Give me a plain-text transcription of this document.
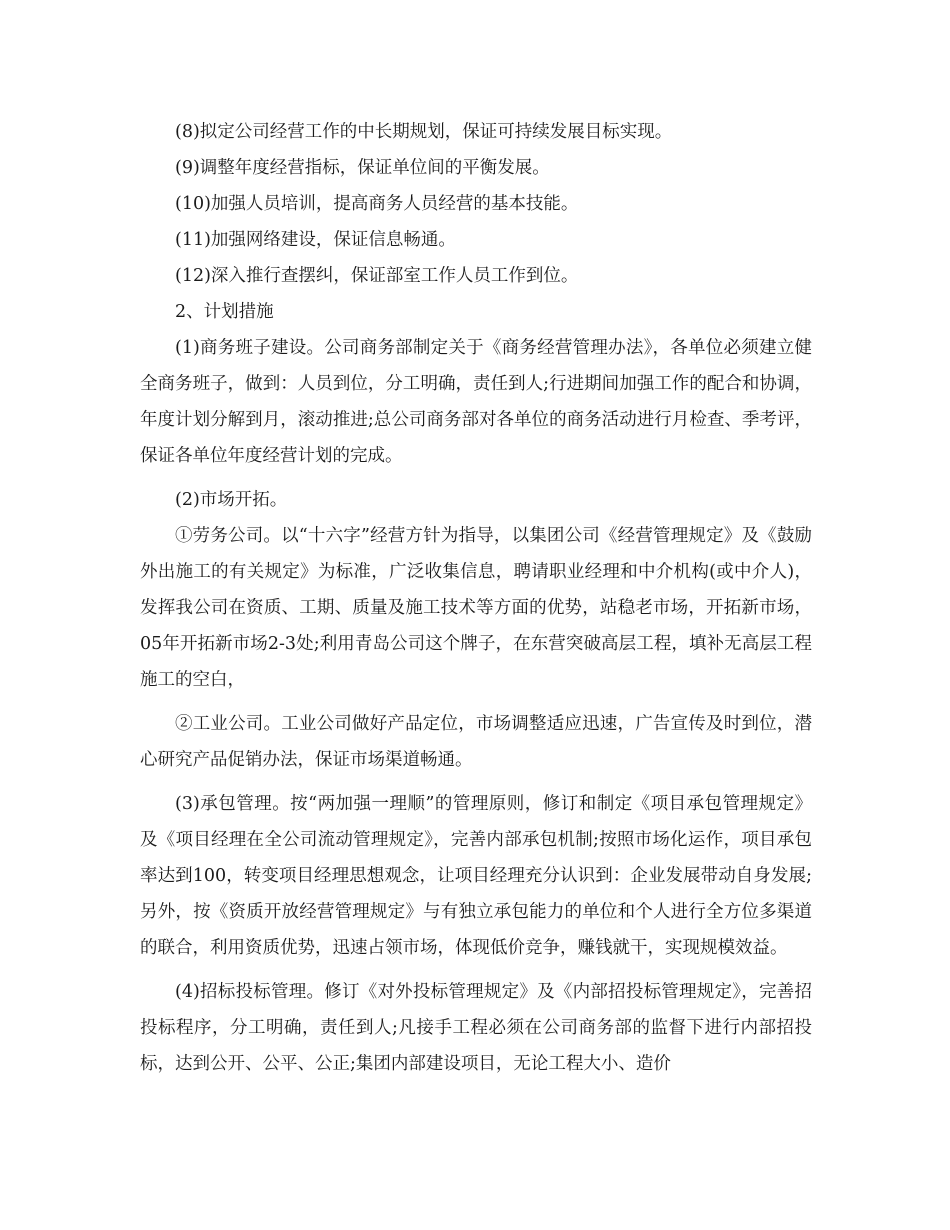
(8)拟定公司经营工作的中长期规划，保证可持续发展目标实现。

(9)调整年度经营指标，保证单位间的平衡发展。

(10)加强人员培训，提高商务人员经营的基本技能。

(11)加强网络建设，保证信息畅通。

(12)深入推行查摆纠，保证部室工作人员工作到位。

2、计划措施

(1)商务班子建设。公司商务部制定关于《商务经营管理办法》，各单位必须建立健全商务班子，做到：人员到位，分工明确，责任到人;行进期间加强工作的配合和协调，年度计划分解到月，滚动推进;总公司商务部对各单位的商务活动进行月检查、季考评，保证各单位年度经营计划的完成。

(2)市场开拓。

①劳务公司。以“十六字”经营方针为指导，以集团公司《经营管理规定》及《鼓励外出施工的有关规定》为标准，广泛收集信息，聘请职业经理和中介机构(或中介人)，发挥我公司在资质、工期、质量及施工技术等方面的优势，站稳老市场，开拓新市场，05年开拓新市场2-3处;利用青岛公司这个牌子，在东营突破高层工程，填补无高层工程施工的空白，

②工业公司。工业公司做好产品定位，市场调整适应迅速，广告宣传及时到位，潜心研究产品促销办法，保证市场渠道畅通。

(3)承包管理。按“两加强一理顺”的管理原则，修订和制定《项目承包管理规定》及《项目经理在全公司流动管理规定》，完善内部承包机制;按照市场化运作，项目承包率达到100，转变项目经理思想观念，让项目经理充分认识到：企业发展带动自身发展;另外，按《资质开放经营管理规定》与有独立承包能力的单位和个人进行全方位多渠道的联合，利用资质优势，迅速占领市场，体现低价竞争，赚钱就干，实现规模效益。

(4)招标投标管理。修订《对外投标管理规定》及《内部招投标管理规定》，完善招投标程序，分工明确，责任到人;凡接手工程必须在公司商务部的监督下进行内部招投标，达到公开、公平、公正;集团内部建设项目，无论工程大小、造价
